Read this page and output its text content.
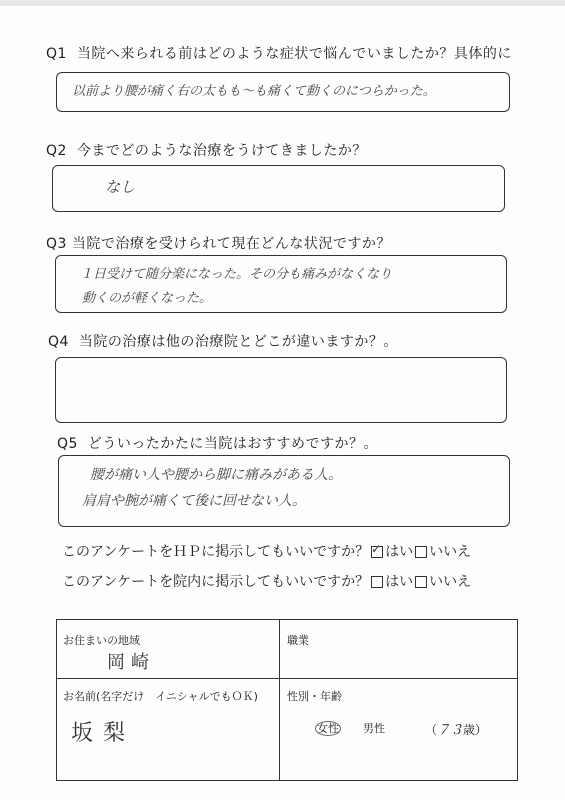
Q1 当院へ来られる前はどのような症状で悩んでいましたか？具体的に
以前より腰が痛く右の太もも〜も痛くて動くのにつらかった。
Q2 今までどのような治療をうけてきましたか？
なし
Q3 当院で治療を受けられて現在どんな状況ですか？
１日受けて随分楽になった。その分も痛みがなくなり
動くのが軽くなった。
Q4 当院の治療は他の治療院とどこが違いますか？。
Q5 どういったかたに当院はおすすめですか？。
腰が痛い人や腰から脚に痛みがある人。
肩肩や腕が痛くて後に回せない人。
このアンケートをＨＰに掲示してもいいですか？✓ はい いいえ
このアンケートを院内に掲示してもいいですか？ はい いいえ
お住まいの地域
岡崎
職業
お名前(名字だけ　イニシャルでもＯＫ)
坂梨
性別・年齢
女性 男性	（７３歳）
